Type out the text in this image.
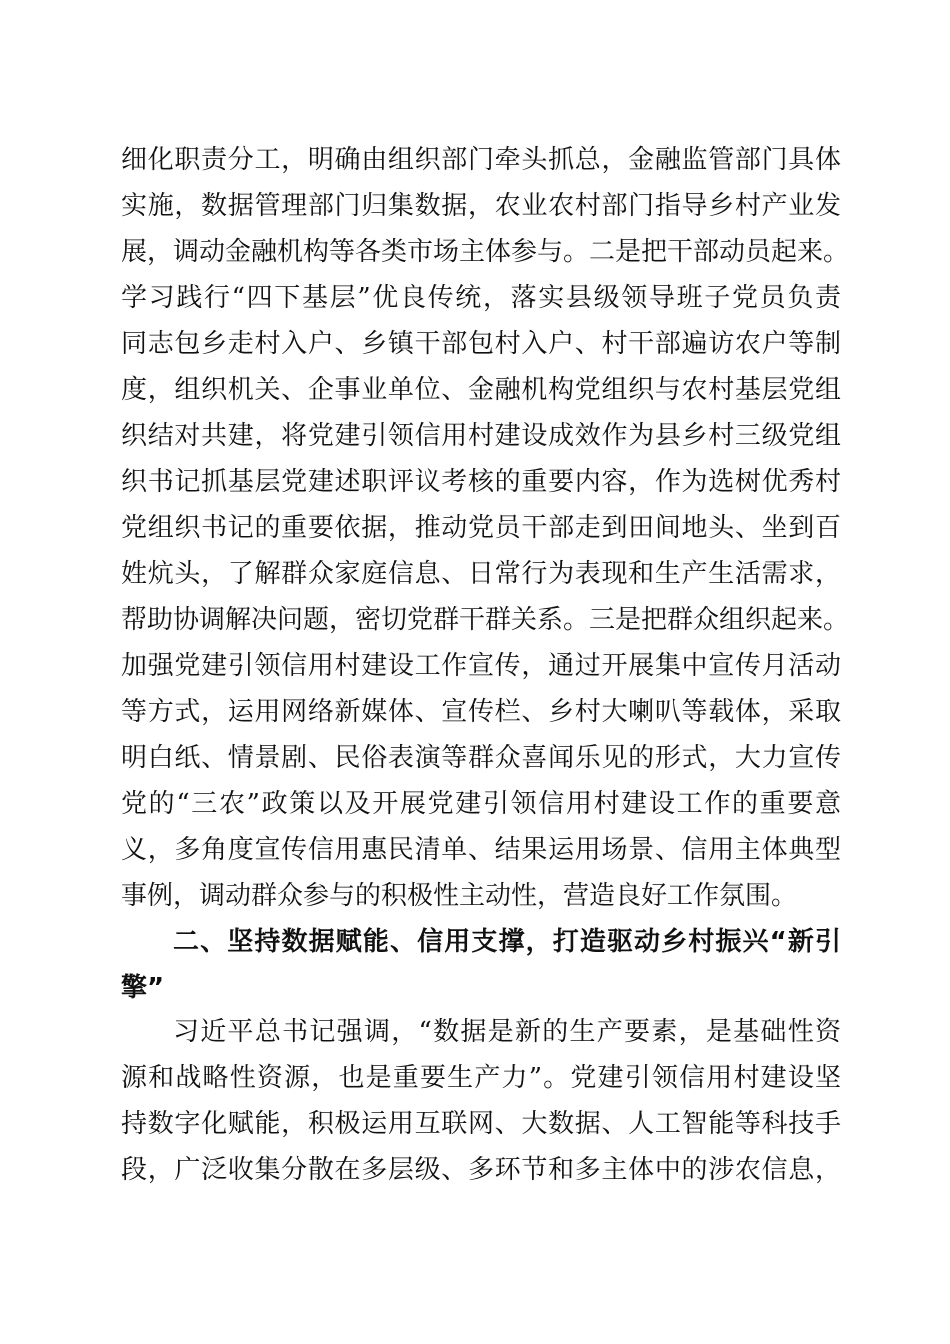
细化职责分工，明确由组织部门牵头抓总，金融监管部门具体
实施，数据管理部门归集数据，农业农村部门指导乡村产业发
展，调动金融机构等各类市场主体参与。二是把干部动员起来。
学习践行“四下基层”优良传统，落实县级领导班子党员负责
同志包乡走村入户、乡镇干部包村入户、村干部遍访农户等制
度，组织机关、企事业单位、金融机构党组织与农村基层党组
织结对共建，将党建引领信用村建设成效作为县乡村三级党组
织书记抓基层党建述职评议考核的重要内容，作为选树优秀村
党组织书记的重要依据，推动党员干部走到田间地头、坐到百
姓炕头，了解群众家庭信息、日常行为表现和生产生活需求，
帮助协调解决问题，密切党群干群关系。三是把群众组织起来。
加强党建引领信用村建设工作宣传，通过开展集中宣传月活动
等方式，运用网络新媒体、宣传栏、乡村大喇叭等载体，采取
明白纸、情景剧、民俗表演等群众喜闻乐见的形式，大力宣传
党的“三农”政策以及开展党建引领信用村建设工作的重要意
义，多角度宣传信用惠民清单、结果运用场景、信用主体典型
事例，调动群众参与的积极性主动性，营造良好工作氛围。
二、坚持数据赋能、信用支撑，打造驱动乡村振兴“新引
擎”
习近平总书记强调，“数据是新的生产要素，是基础性资
源和战略性资源，也是重要生产力”。党建引领信用村建设坚
持数字化赋能，积极运用互联网、大数据、人工智能等科技手
段，广泛收集分散在多层级、多环节和多主体中的涉农信息，
